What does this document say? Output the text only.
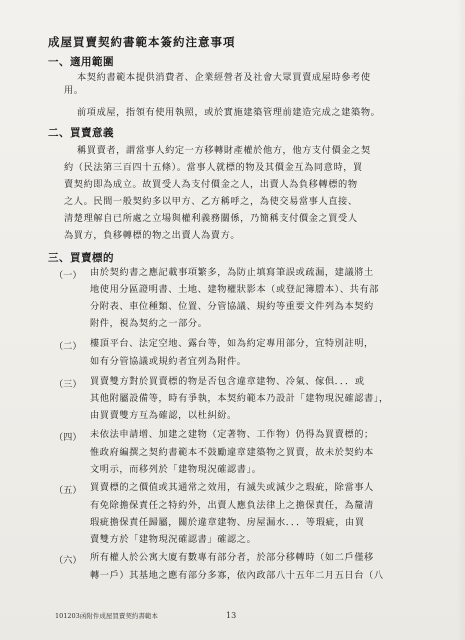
成屋買賣契約書範本簽約注意事項
一、適用範圍
本契約書範本提供消費者、企業經營者及社會大眾買賣成屋時參考使
用。
前項成屋，指領有使用執照，或於實施建築管理前建造完成之建築物。
二、買賣意義
稱買賣者，謂當事人約定一方移轉財產權於他方，他方支付價金之契
約（民法第三百四十五條）。當事人就標的物及其價金互為同意時，買
賣契約即為成立。故買受人為支付價金之人，出賣人為負移轉標的物
之人。民間一般契約多以甲方、乙方稱呼之，為使交易當事人直接、
清楚理解自已所處之立場與權利義務關係，乃簡稱支付價金之買受人
為買方，負移轉標的物之出賣人為賣方。
三、買賣標的
（一） 由於契約書之應記載事項繁多，為防止填寫筆誤或疏漏，建議將土
地使用分區證明書、土地、建物權狀影本（或登記簿謄本）、共有部
分附表、車位種類、位置、分管協議、規約等重要文件列為本契約
附件，視為契約之一部分。
（二） 樓頂平台、法定空地、露台等，如為約定專用部分，宜特別註明，
如有分管協議或規約者宜列為附件。
（三） 買賣雙方對於買賣標的物是否包含違章建物、冷氣、傢俱．．．或
其他附屬設備等，時有爭執，本契約範本乃設計「建物現況確認書」，
由買賣雙方互為確認，以杜糾紛。
（四） 未依法申請增、加建之建物（定著物、工作物）仍得為買賣標的；
惟政府編撰之契約書範本不鼓勵違章建築物之買賣，故未於契約本
文明示，而移列於「建物現況確認書」。
（五） 買賣標的之價值或其通常之效用，有滅失或減少之瑕疵，除當事人
有免除擔保責任之特約外，出賣人應負法律上之擔保責任，為釐清
瑕疵擔保責任歸屬，關於違章建物、房屋漏水．．．等瑕疵，由買
賣雙方於「建物現況確認書」確認之。
（六） 所有權人於公寓大廈有數專有部分者，於部分移轉時（如二戶僅移
轉一戶）其基地之應有部分多寡，依內政部八十五年二月五日台（八
101203函附件成屋買賣契約書範本	13
